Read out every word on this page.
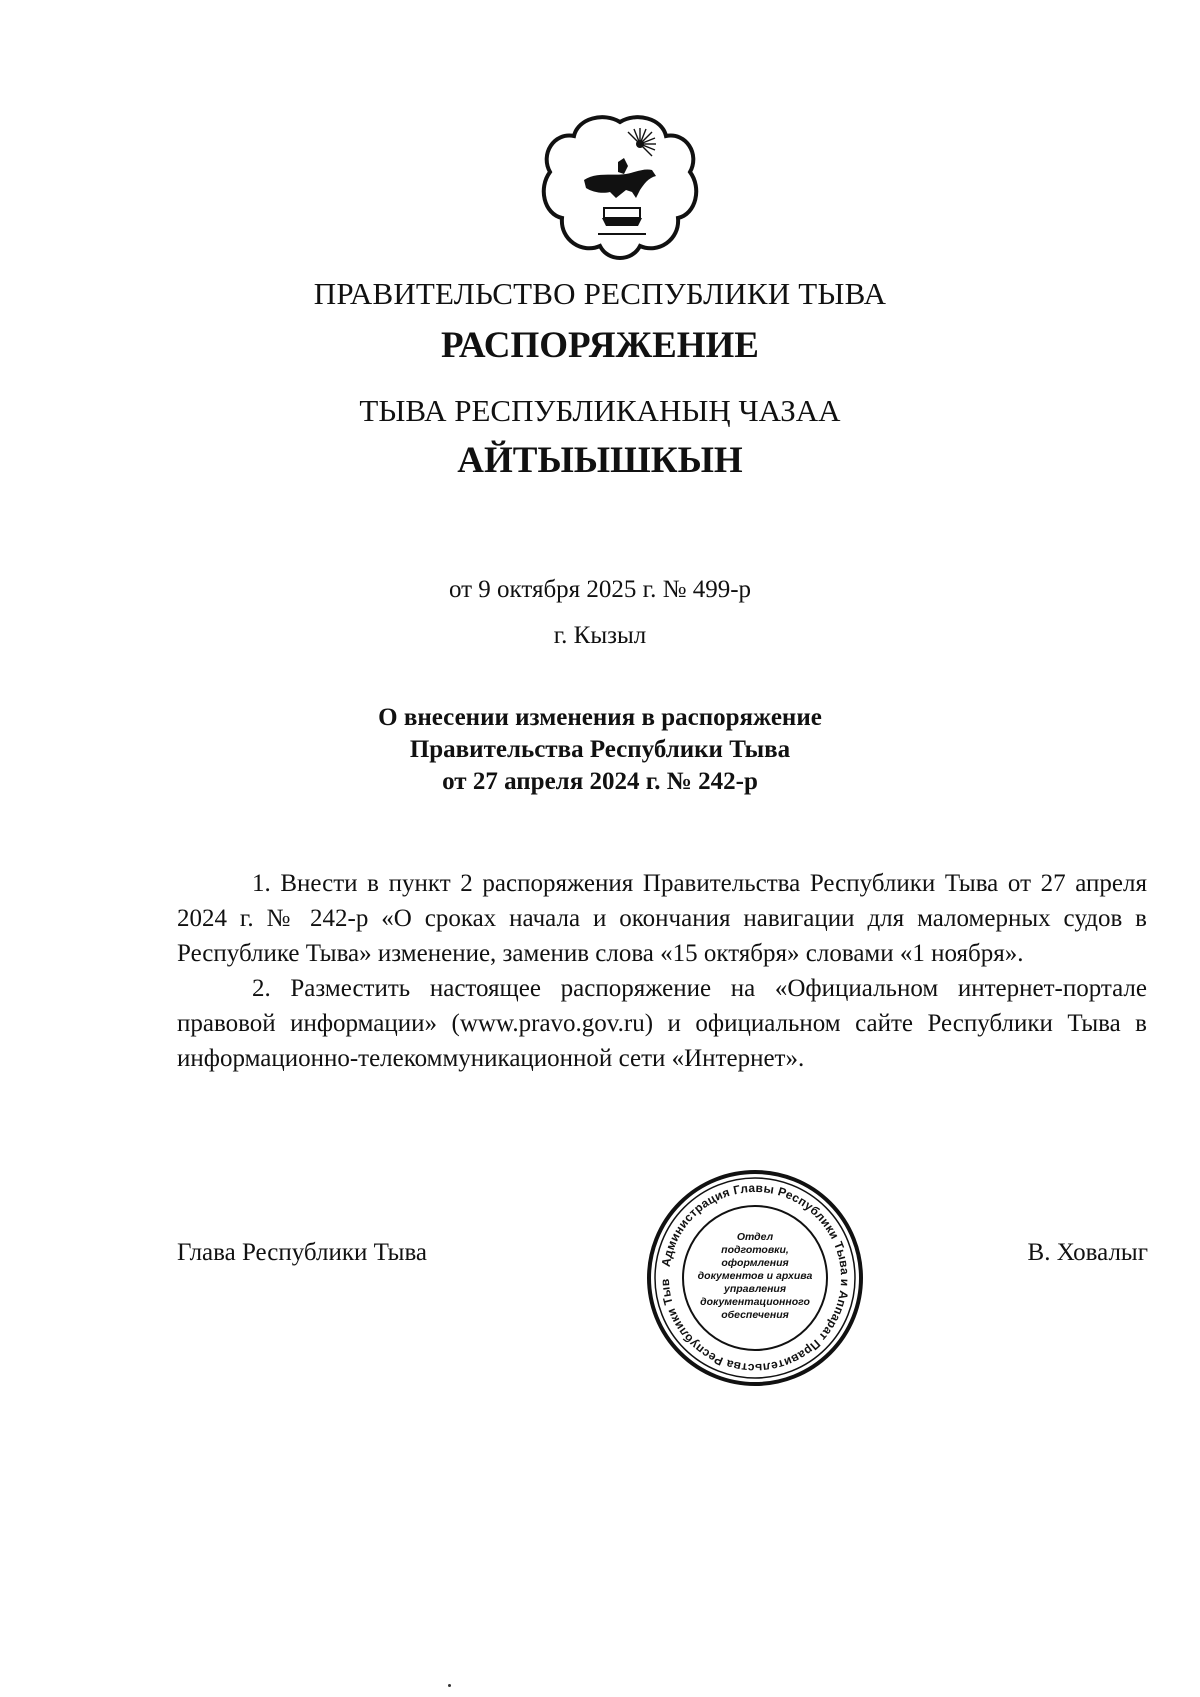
ПРАВИТЕЛЬСТВО РЕСПУБЛИКИ ТЫВА
РАСПОРЯЖЕНИЕ
ТЫВА РЕСПУБЛИКАНЫҢ ЧАЗАА
АЙТЫЫШКЫН
от 9 октября 2025 г. № 499-р
г. Кызыл
О внесении изменения в распоряжение
Правительства Республики Тыва
от 27 апреля 2024 г. № 242-р

1. Внести в пункт 2 распоряжения Правительства Республики Тыва от 27 апреля 2024 г. № 242-р «О сроках начала и окончания навигации для маломерных судов в Республике Тыва» изменение, заменив слова «15 октября» словами «1 ноября».

2. Разместить настоящее распоряжение на «Официальном интернет-портале правовой информации» (www.pravo.gov.ru) и официальном сайте Республики Тыва в информационно-телекоммуникационной сети «Интернет».

Глава Республики Тыва	В. Ховалыг
Администрация Главы Республики Тыва и Аппарат Правительства Республики Тыв
Отдел
подготовки,
оформления
документов и архива
управления
документационного
обеспечения
